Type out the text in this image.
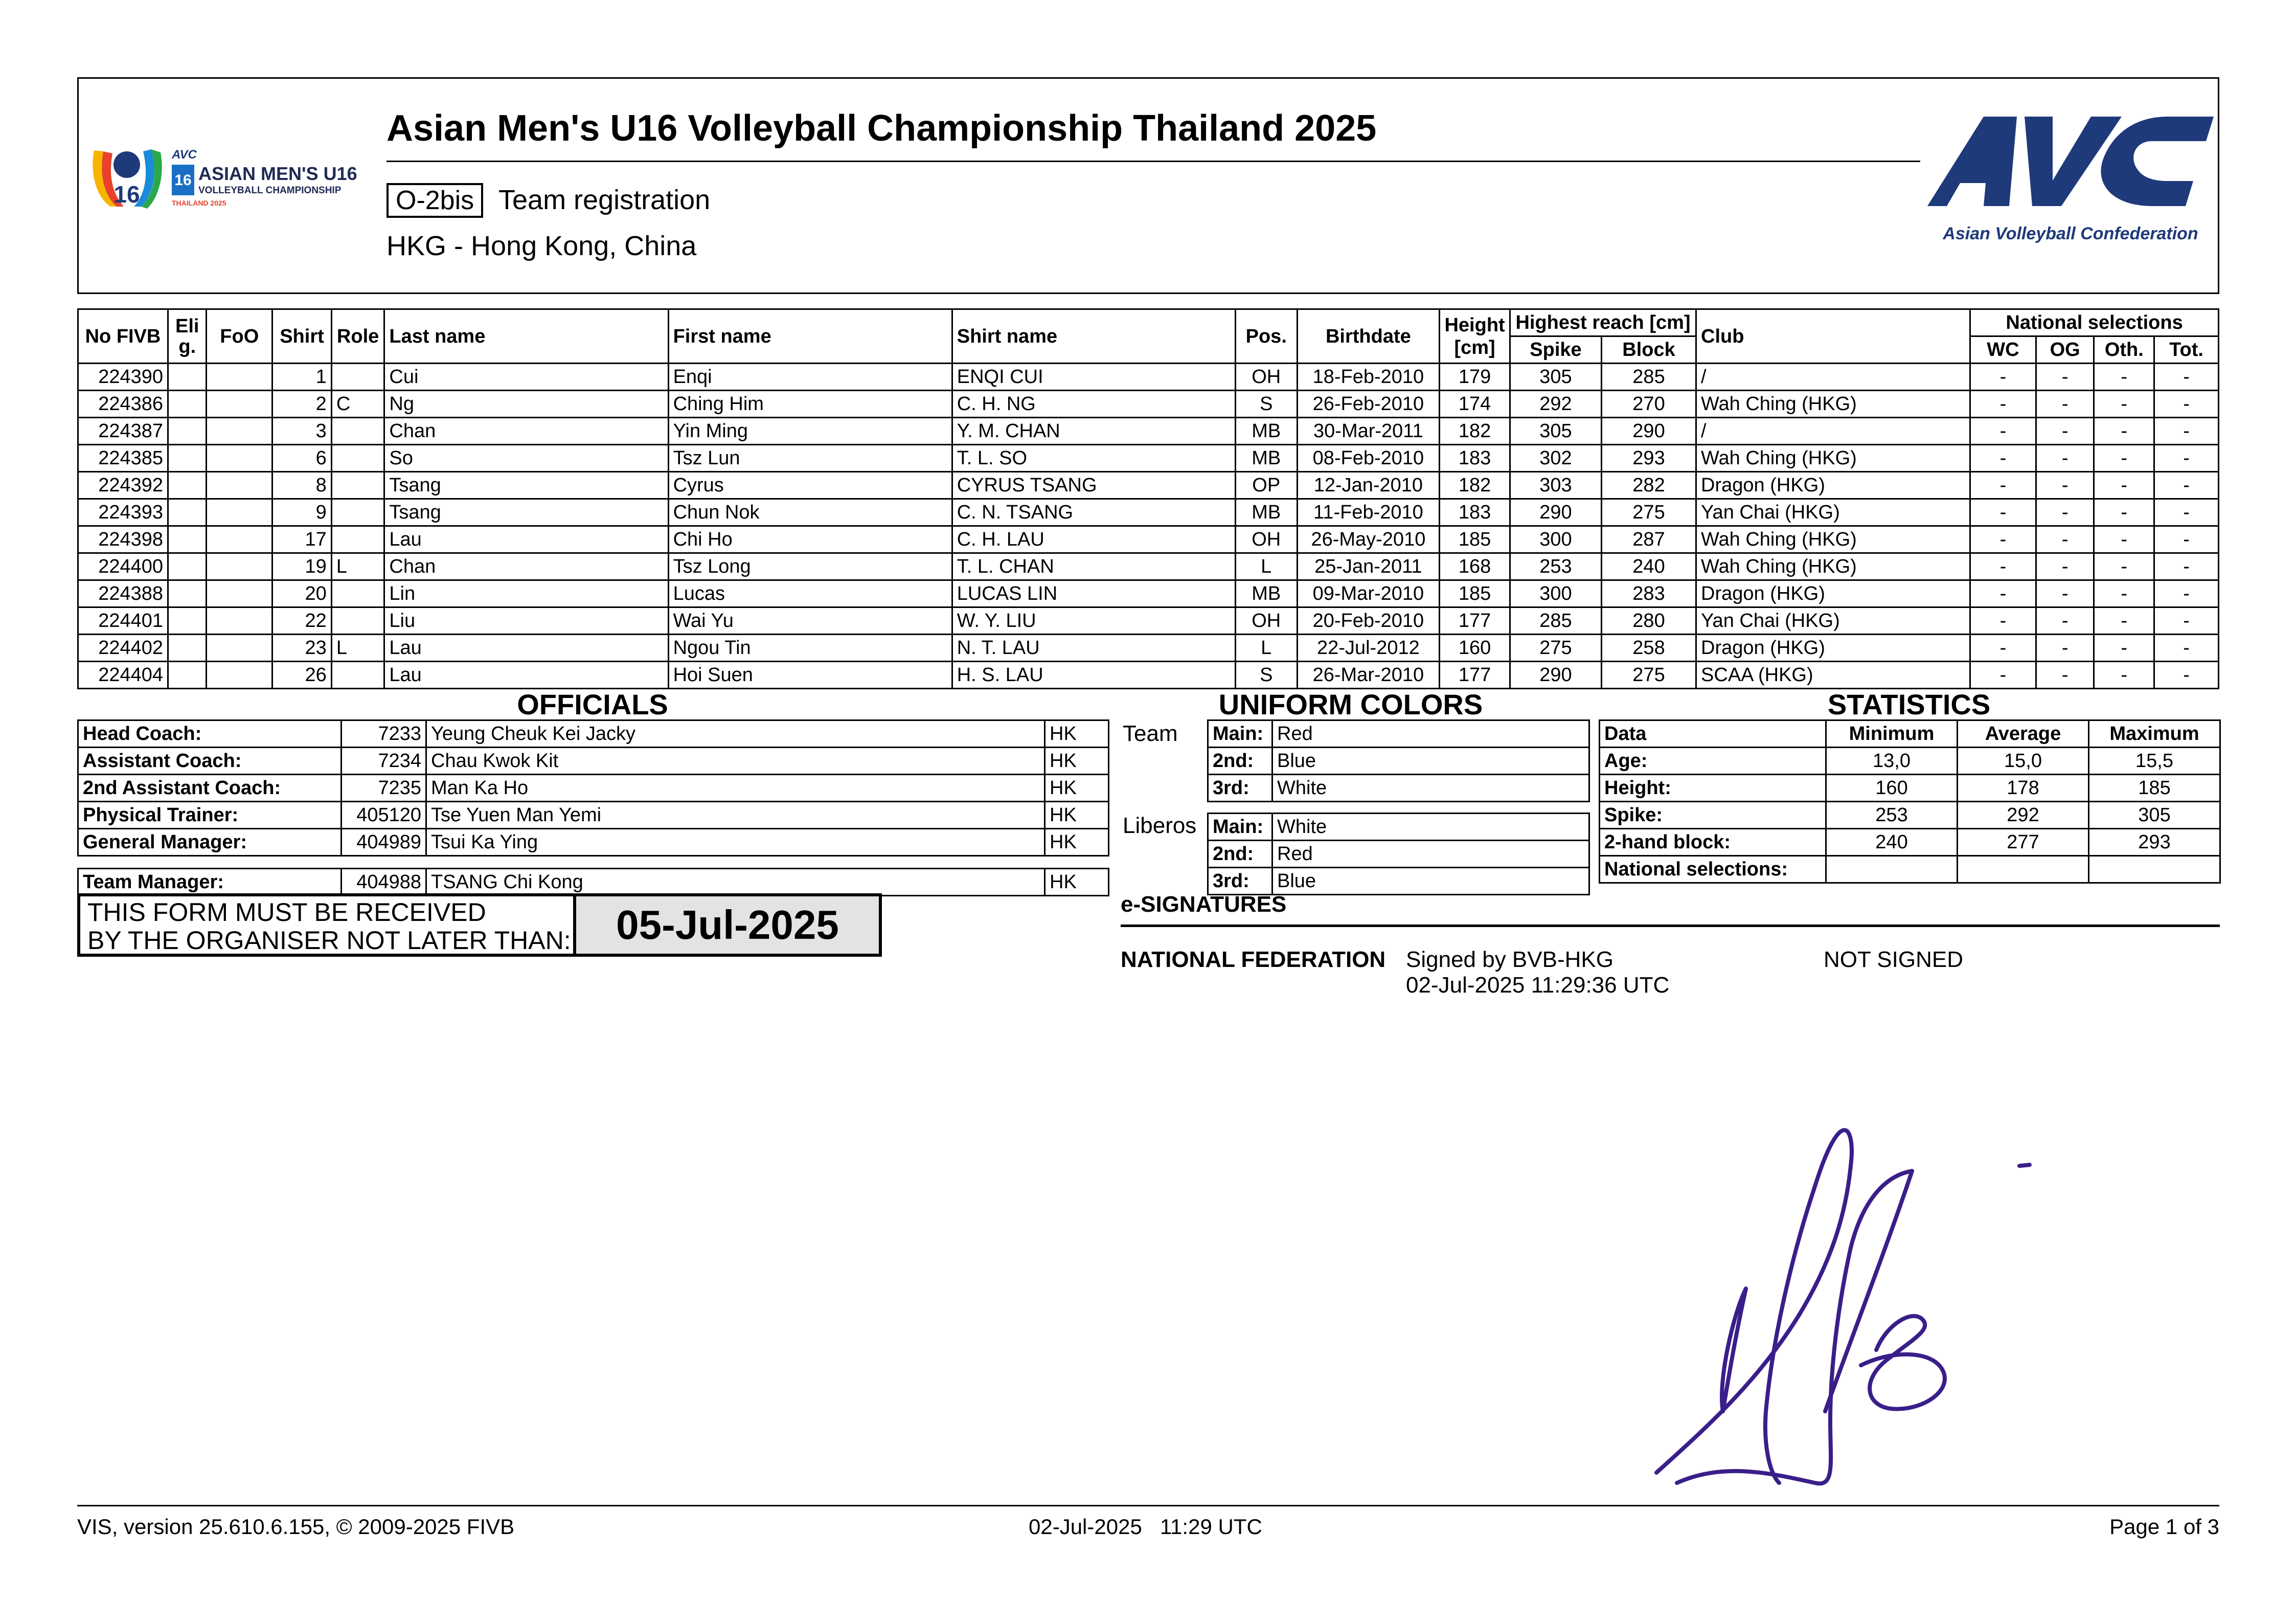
16
AVC
16 ASIAN MEN'S U16
VOLLEYBALL CHAMPIONSHIP
THAILAND 2025
Asian Men's U16 Volleyball Championship Thailand 2025
O-2bis Team registration
HKG - Hong Kong, China	Asian Volleyball Confederation
No FIVB	Eli g.	FoO	Shirt	Role	Last name	First name	Shirt name	Pos.	Birthdate	Height [cm]	Highest reach [cm]		Club	National selections			
											Spike	Block		WC	OG	Oth.	Tot.
224390			1		Cui	Enqi	ENQI CUI	OH	18-Feb-2010	179	305	285	/	-	-	-	-
224386			2	C	Ng	Ching Him	C. H. NG	S	26-Feb-2010	174	292	270	Wah Ching (HKG)	-	-	-	-
224387			3		Chan	Yin Ming	Y. M. CHAN	MB	30-Mar-2011	182	305	290	/	-	-	-	-
224385			6		So	Tsz Lun	T. L. SO	MB	08-Feb-2010	183	302	293	Wah Ching (HKG)	-	-	-	-
224392			8		Tsang	Cyrus	CYRUS TSANG	OP	12-Jan-2010	182	303	282	Dragon (HKG)	-	-	-	-
224393			9		Tsang	Chun Nok	C. N. TSANG	MB	11-Feb-2010	183	290	275	Yan Chai (HKG)	-	-	-	-
224398			17		Lau	Chi Ho	C. H. LAU	OH	26-May-2010	185	300	287	Wah Ching (HKG)	-	-	-	-
224400			19	L	Chan	Tsz Long	T. L. CHAN	L	25-Jan-2011	168	253	240	Wah Ching (HKG)	-	-	-	-
224388			20		Lin	Lucas	LUCAS LIN	MB	09-Mar-2010	185	300	283	Dragon (HKG)	-	-	-	-
224401			22		Liu	Wai Yu	W. Y. LIU	OH	20-Feb-2010	177	285	280	Yan Chai (HKG)	-	-	-	-
224402			23	L	Lau	Ngou Tin	N. T. LAU	L	22-Jul-2012	160	275	258	Dragon (HKG)	-	-	-	-
224404			26		Lau	Hoi Suen	H. S. LAU	S	26-Mar-2010	177	290	275	SCAA (HKG)	-	-	-	-
OFFICIALS	UNIFORM COLORS	STATISTICS
Head Coach:	7233	Yeung Cheuk Kei Jacky	HK
Assistant Coach:	7234	Chau Kwok Kit	HK
2nd Assistant Coach:	7235	Man Ka Ho	HK
Physical Trainer:	405120	Tse Yuen Man Yemi	HK
General Manager:	404989	Tsui Ka Ying	HK
Team Manager:	404988	TSANG Chi Kong	HK
THIS FORM MUST BE RECEIVED
BY THE ORGANISER NOT LATER THAN:	05-Jul-2025
Team Main:	Red
2nd:	Blue
3rd:	White
Liberos Main:	White
2nd:	Red
3rd:	Blue
Data	Minimum	Average	Maximum
Age:	13,0	15,0	15,5
Height:	160	178	185
Spike:	253	292	305
2-hand block:	240	277	293
National selections:			
e-SIGNATURES
NATIONAL FEDERATION Signed by BVB-HKG
02-Jul-2025 11:29:36 UTC
NOT SIGNED
VIS, version 25.610.6.155, © 2009-2025 FIVB	02-Jul-2025   11:29 UTC	Page 1 of 3
